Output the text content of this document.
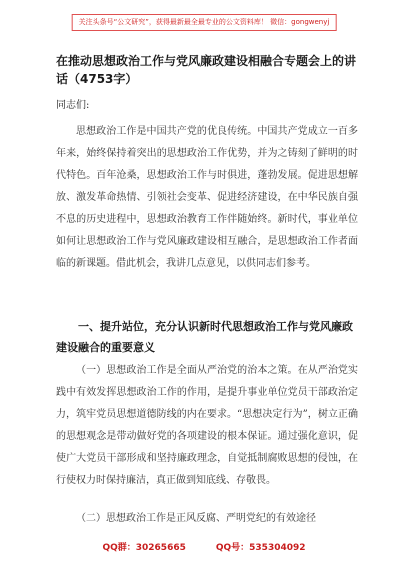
关注头条号“公文研究”，获得最新最全最专业的公文资料库！ 微信：gongwenyj
在推动思想政治工作与党风廉政建设相融合专题会上的讲话（4753字）
同志们:

思想政治工作是中国共产党的优良传统。中国共产党成立一百多年来，始终保持着突出的思想政治工作优势，并为之铸刻了鲜明的时代特色。百年沧桑，思想政治工作与时俱进，蓬勃发展。促进思想解放、激发革命热情、引领社会变革、促进经济建设，在中华民族自强不息的历史进程中，思想政治教育工作伴随始终。新时代，事业单位如何让思想政治工作与党风廉政建设相互融合，是思想政治工作者面临的新课题。借此机会，我讲几点意见，以供同志们参考。

一、提升站位，充分认识新时代思想政治工作与党风廉政建设融合的重要意义

（一）思想政治工作是全面从严治党的治本之策。在从严治党实践中有效发挥思想政治工作的作用，是提升事业单位党员干部政治定力，筑牢党员思想道德防线的内在要求。“思想决定行为”，树立正确的思想观念是带动做好党的各项建设的根本保证。通过强化意识，促使广大党员干部形成和坚持廉政理念，自觉抵制腐败思想的侵蚀，在行使权力时保持廉洁，真正做到知底线、存敬畏。

（二）思想政治工作是正风反腐、严明党纪的有效途径

QQ群：30265665	QQ号：535304092
